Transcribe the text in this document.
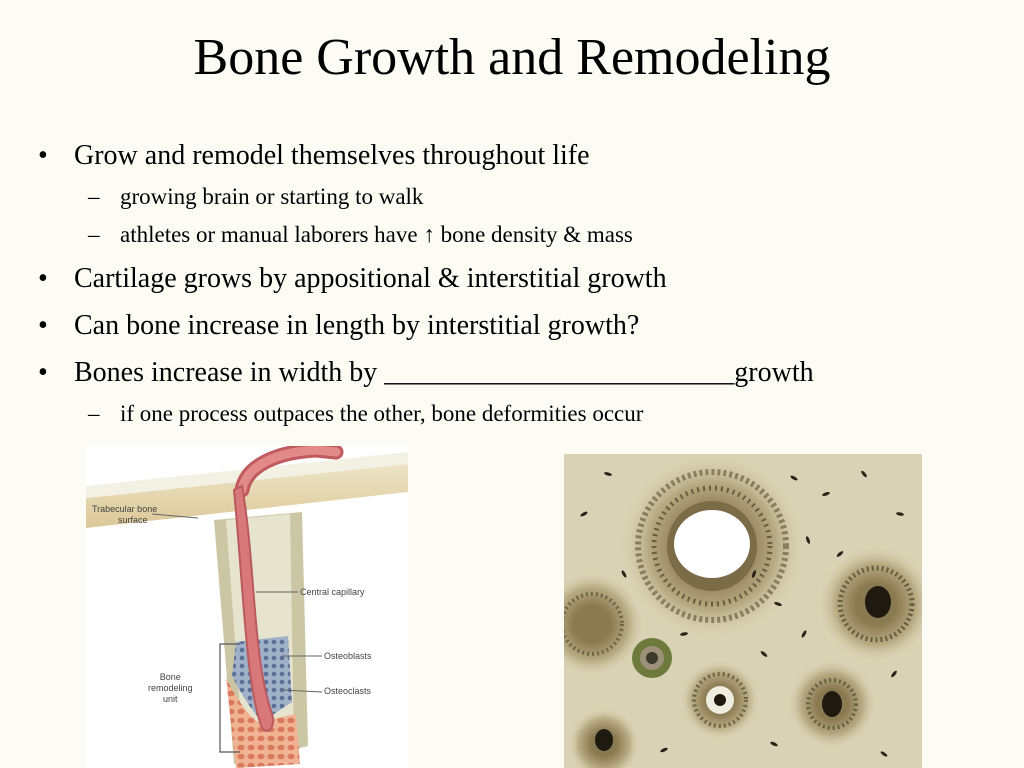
Bone Growth and Remodeling
• Grow and remodel themselves throughout life
– growing brain or starting to walk
– athletes or manual laborers have ↑ bone density & mass
• Cartilage grows by appositional & interstitial growth
• Can bone increase in length by interstitial growth?
• Bones increase in width by _________________________growth
– if one process outpaces the other, bone deformities occur
Trabecular bone
surface
Central capillary
Osteoblasts
Osteoclasts
Bone
remodeling
unit
